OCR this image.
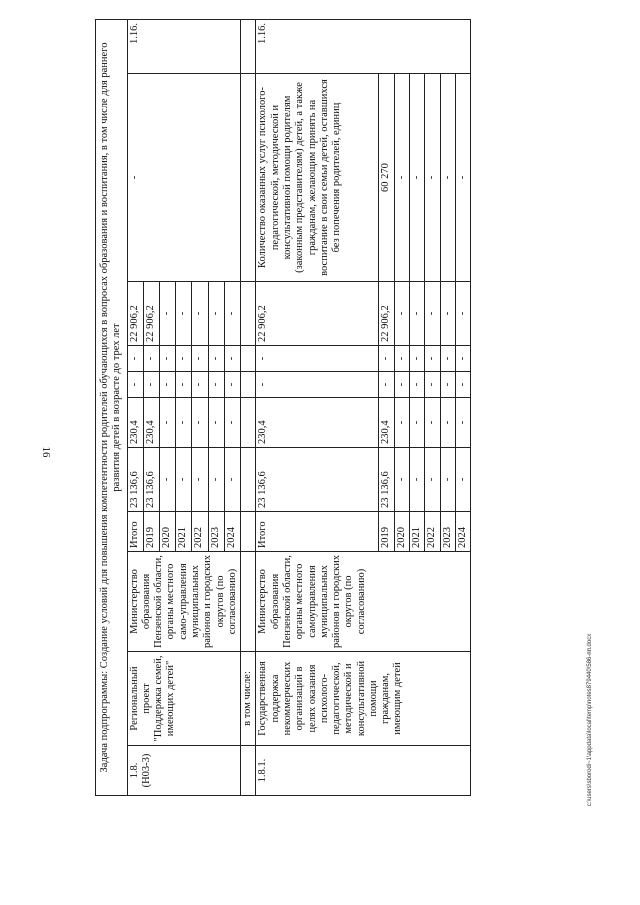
16
c:\users\sborodi~1\appdata\local\temp\notes879440\586-пп.docx
Задача подпрограммы: Создание условий для повышения компетентности родителей обучающихся в вопросах образования и воспитания, в том числе для раннего развития детей в возрасте до трех лет										
1.8. (Н03-3)	Региональный проект "Поддержка семей, имеющих детей"	Министерство образования Пензенской области, органы местного само-управления муниципальных районов и городских округов (по согласованию)	Итого	23 136,6	230,4	-	-	22 906,2	-	1.16.
			2019	23 136,6	230,4	-	-	22 906,2		
			2020	-	-	-	-	-		
			2021	-	-	-	-	-		
			2022	-	-	-	-	-		
			2023	-	-	-	-	-		
			2024	-	-	-	-	-		
	в том числе:									
1.8.1.	Государственная поддержка некоммерческих организаций в целях оказания психолого-педагогической, методической и консультативной помощи гражданам, имеющим детей	Министерство образования Пензенской области, органы местного самоуправления муниципальных районов и городских округов (по согласованию)	Итого	23 136,6	230,4	-	-	22 906,2	Количество оказанных услуг психолого-педагогической, методической и консультативной помощи родителям (законным представителям) детей, а также гражданам, желающим принять на воспитание в свои семьи детей, оставшихся без попечения родителей, единиц	1.16.
			2019	23 136,6	230,4	-	-	22 906,2	60 270	
			2020	-	-	-	-	-	-	
			2021	-	-	-	-	-	-	
			2022	-	-	-	-	-	-	
			2023	-	-	-	-	-	-	
			2024	-	-	-	-	-	-	
